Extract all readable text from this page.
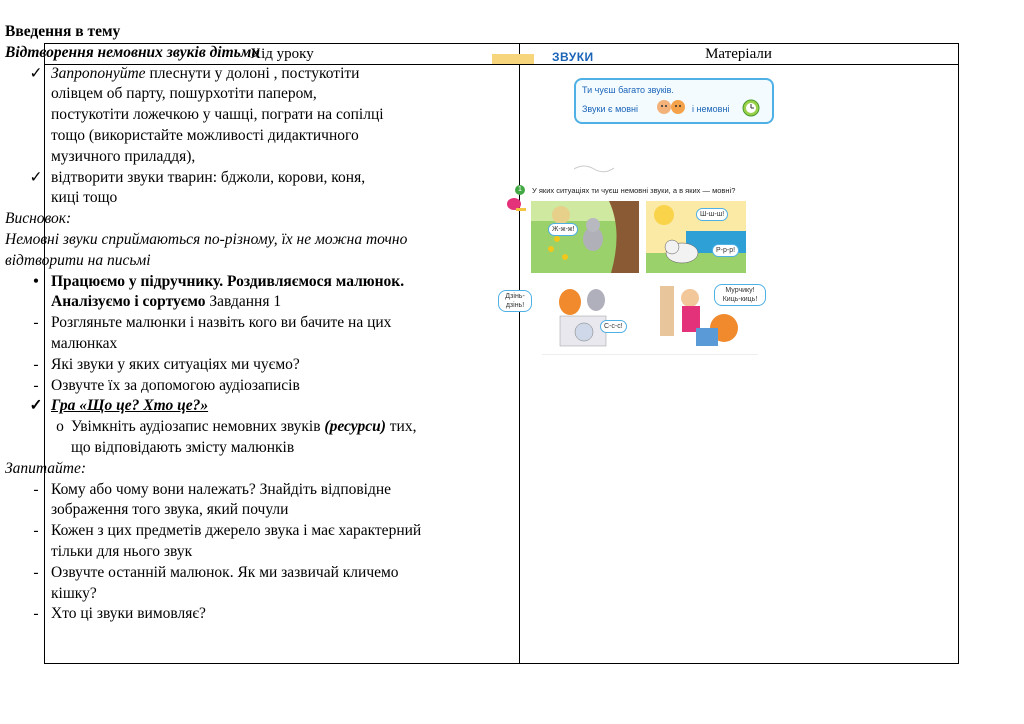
Хід уроку	Матеріали
Введення в тему
Відтворення немовних звуків дітьми
✓ Запропонуйте плеснути у долоні , постукотіти
олівцем об парту, пошурхотіти папером,
постукотіти ложечкою у чашці, пограти на сопілці
тощо (використайте можливості дидактичного
музичного приладдя),
✓ відтворити звуки тварин: бджоли, корови, коня,
киці тощо
Висновок:
Немовні звуки сприймаються по-різному, їх не можна точно
відтворити на письмі
• Працюємо у підручнику. Роздивляємося малюнок.
Аналізуємо і сортуємо Завдання 1
- Розгляньте малюнки і назвіть кого ви бачите на цих
малюнках
- Які звуки у яких ситуаціях ми чуємо?
- Озвучте їх за допомогою аудіозаписів
✓ Гра «Що це? Хто це?»
o Увімкніть аудіозапис немовних звуків (ресурси) тих,
що відповідають змісту малюнків
Запитайте:
- Кому або чому вони належать? Знайдіть відповідне
зображення того звука, який почули
- Кожен з цих предметів джерело звука і має характерний
тільки для нього звук
- Озвучте останній малюнок. Як ми зазвичай кличемо
кішку?
- Хто ці звуки вимовляє?
ЗВУКИ
Ти чуєш багато звуків.
Звуки є мовні	і немовні
1	У яких ситуаціях ти чуєш немовні звуки, а в яких — мовні?
Ж-ж-ж!
Ш-ш-ш!
Р-р-р!
Дзінь-дзінь!
С-с-с!
Мурчику! Киць-киць!
